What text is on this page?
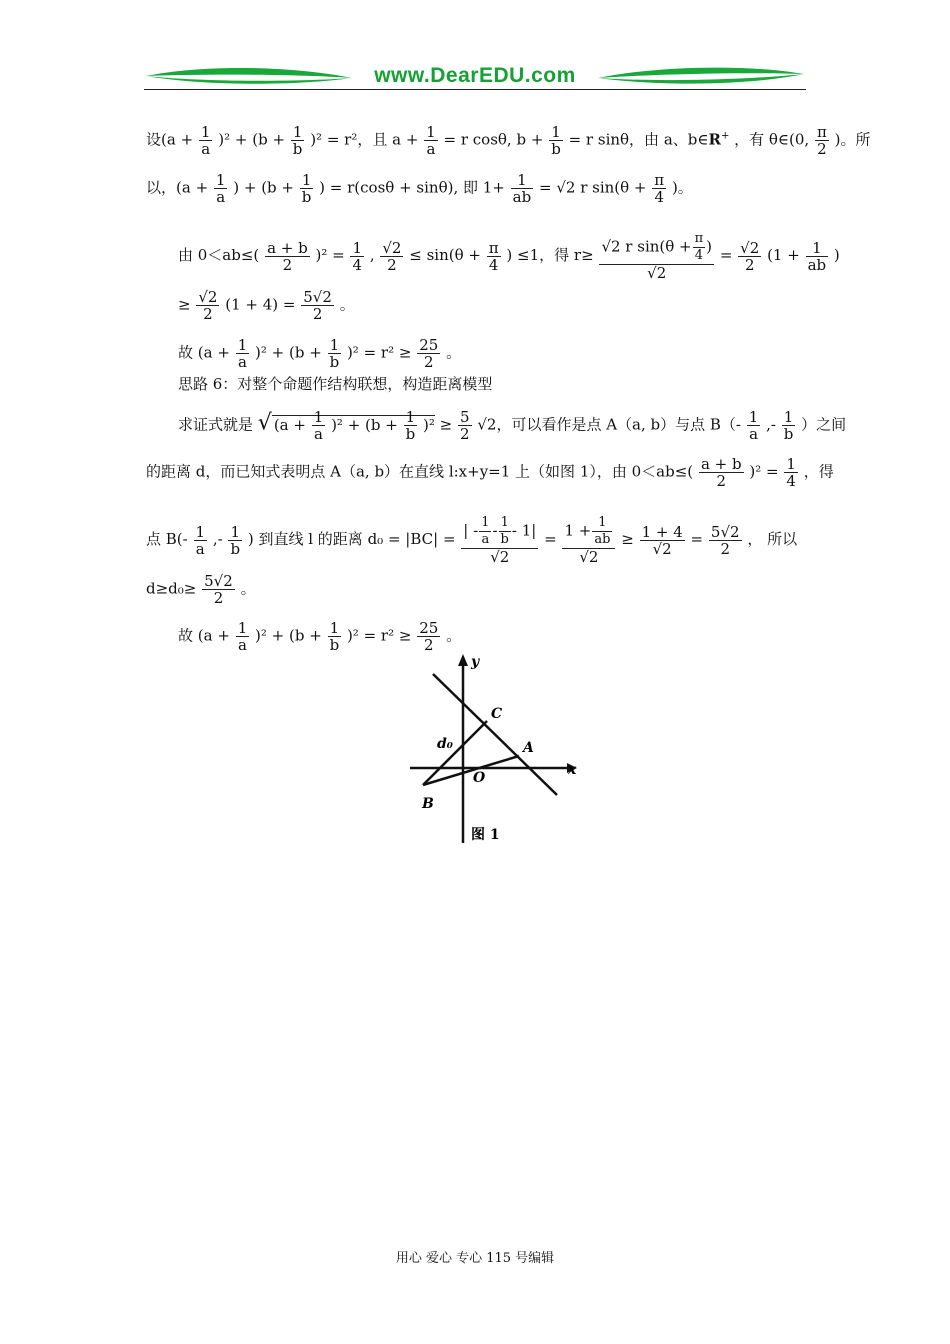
www.DearEDU.com
设$(a + \frac{1}{a} )^2 + (b + \frac{1}{b} )^2 = r^2$，且 $a + \frac{1}{a} = r$ cosθ, $b + \frac{1}{b} = r$ sinθ，由 a、b∈R+ ，有 θ∈(0, $\frac{\pi}{2}$ )。所
以，($a + \frac{1}{a}$ ) + ($b + \frac{1}{b}$ ) = r(cosθ + sinθ), 即 $1+ \frac{1}{ab} = √2$ r $\sin(\theta + \frac{\pi}{4}$ )。
由 $0<ab\le( \frac{a + b}{2} )^2 = \frac{1}{4}$ , $\frac{√2}{2} \le \sin(\theta + \frac{\pi}{4}$ ) ≤1，得 $r\ge \frac{√2 r \sin(\theta + \frac{\pi}{4} )}{√2} = \frac{√2}{2} (1 + \frac{1}{ab}$ )
≥ $\frac{√2}{2} (1 + 4) = \frac{5√2}{2}$ 。
故 $(a + \frac{1}{a} )^2 + (b + \frac{1}{b} )^2 = r^2 \ge \frac{25}{2}$ 。
思路 6：对整个命题作结构联想，构造距离模型
求证式就是 √ $(a + \frac{1}{a} )^2 + (b + \frac{1}{b} )^2 \ge \frac{5}{2} √2$，可以看作是点 A（a, b）与点 $B(- \frac{1}{a}$ ,- $\frac{1}{b}$ ）之间
的距离 d，而已知式表明点 A（a, b）在直线 l:x+y=1 上（如图 1），由 $0<ab\le( \frac{a + b}{2} )^2 = \frac{1}{4}$ ，得
点 $B(- \frac{1}{a}$ ,- $\frac{1}{b}$ ) 到直线 l 的距离 $d_0 = |BC| = \frac{| - \frac{1}{a} - \frac{1}{b} - 1|}{√2} = \frac{1 + \frac{1}{ab}}{√2} \ge \frac{1 + 4}{√2} = \frac{5√2}{2}$ ， 所以
$d\ge d_0\ge \frac{5√2}{2}$ 。
故 $(a + \frac{1}{a} )^2 + (b + \frac{1}{b} )^2 = r^2 \ge \frac{25}{2}$ 。
y
x
C
A
B
O
d₀
图 1
用心 爱心 专心 115 号编辑
